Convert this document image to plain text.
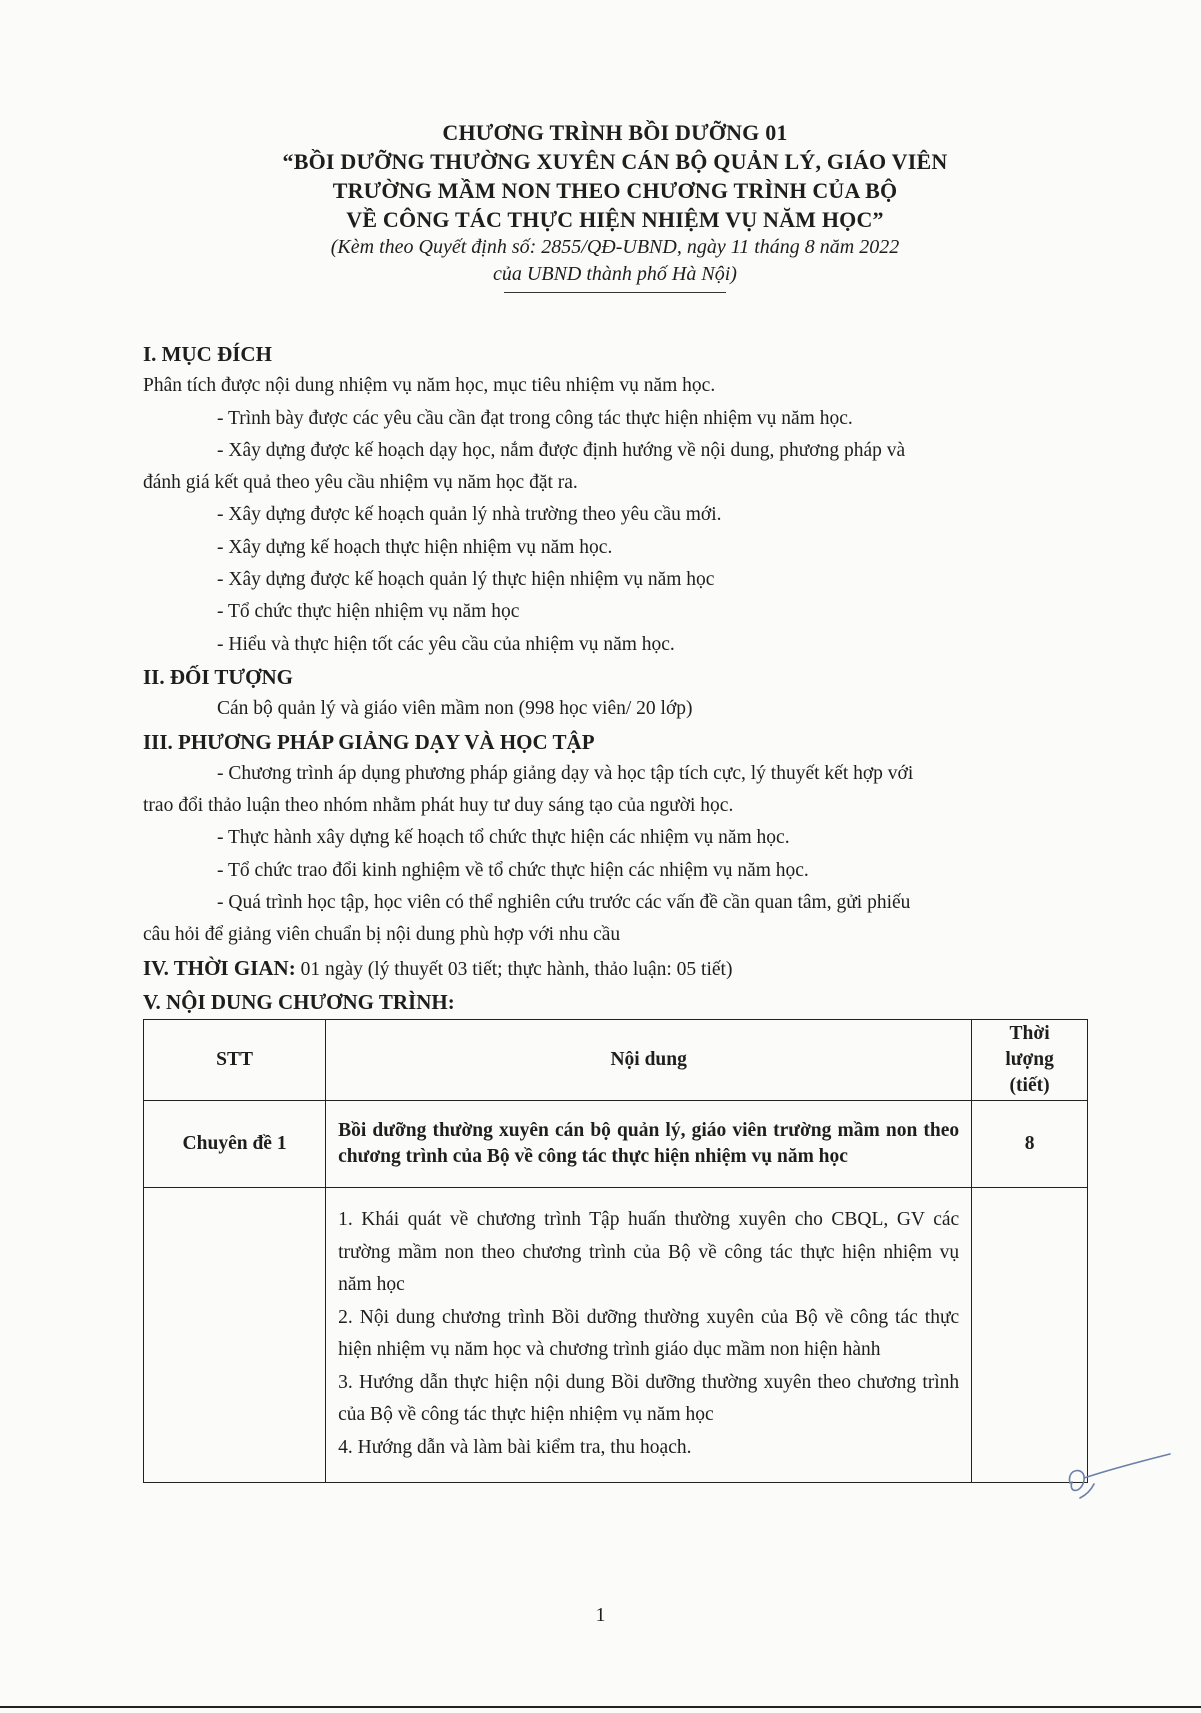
CHƯƠNG TRÌNH BỒI DƯỠNG 01
“BỒI DƯỠNG THƯỜNG XUYÊN CÁN BỘ QUẢN LÝ, GIÁO VIÊN
TRƯỜNG MẦM NON THEO CHƯƠNG TRÌNH CỦA BỘ
VỀ CÔNG TÁC THỰC HIỆN NHIỆM VỤ NĂM HỌC”
(Kèm theo Quyết định số: 2855/QĐ-UBND, ngày 11 tháng 8 năm 2022
của UBND thành phố Hà Nội)

I. MỤC ĐÍCH

Phân tích được nội dung nhiệm vụ năm học, mục tiêu nhiệm vụ năm học.

- Trình bày được các yêu cầu cần đạt trong công tác thực hiện nhiệm vụ năm học.

- Xây dựng được kế hoạch dạy học, nắm được định hướng về nội dung, phương pháp và

đánh giá kết quả theo yêu cầu nhiệm vụ năm học đặt ra.

- Xây dựng được kế hoạch quản lý nhà trường theo yêu cầu mới.

- Xây dựng kế hoạch thực hiện nhiệm vụ năm học.

- Xây dựng được kế hoạch quản lý thực hiện nhiệm vụ năm học

- Tổ chức thực hiện nhiệm vụ năm học

- Hiểu và thực hiện tốt các yêu cầu của nhiệm vụ năm học.

II. ĐỐI TƯỢNG

Cán bộ quản lý và giáo viên mầm non (998 học viên/ 20 lớp)

III. PHƯƠNG PHÁP GIẢNG DẠY VÀ HỌC TẬP

- Chương trình áp dụng phương pháp giảng dạy và học tập tích cực, lý thuyết kết hợp với

trao đổi thảo luận theo nhóm nhằm phát huy tư duy sáng tạo của người học.

- Thực hành xây dựng kế hoạch tổ chức thực hiện các nhiệm vụ năm học.

- Tổ chức trao đổi kinh nghiệm về tổ chức thực hiện các nhiệm vụ năm học.

- Quá trình học tập, học viên có thể nghiên cứu trước các vấn đề cần quan tâm, gửi phiếu

câu hỏi để giảng viên chuẩn bị nội dung phù hợp với nhu cầu

IV. THỜI GIAN: 01 ngày (lý thuyết 03 tiết; thực hành, thảo luận: 05 tiết)

V. NỘI DUNG CHƯƠNG TRÌNH:

STT	Nội dung	Thời
lượng
(tiết)

Chuyên đề 1	Bồi dưỡng thường xuyên cán bộ quản lý, giáo viên trường mầm non theo chương trình của Bộ về công tác thực hiện nhiệm vụ năm học	8

	1. Khái quát về chương trình Tập huấn thường xuyên cho CBQL, GV các trường mầm non theo chương trình của Bộ về công tác thực hiện nhiệm vụ năm học

2. Nội dung chương trình Bồi dưỡng thường xuyên của Bộ về công tác thực hiện nhiệm vụ năm học và chương trình giáo dục mầm non hiện hành

3. Hướng dẫn thực hiện nội dung Bồi dưỡng thường xuyên theo chương trình của Bộ về công tác thực hiện nhiệm vụ năm học

4. Hướng dẫn và làm bài kiểm tra, thu hoạch.	

1
